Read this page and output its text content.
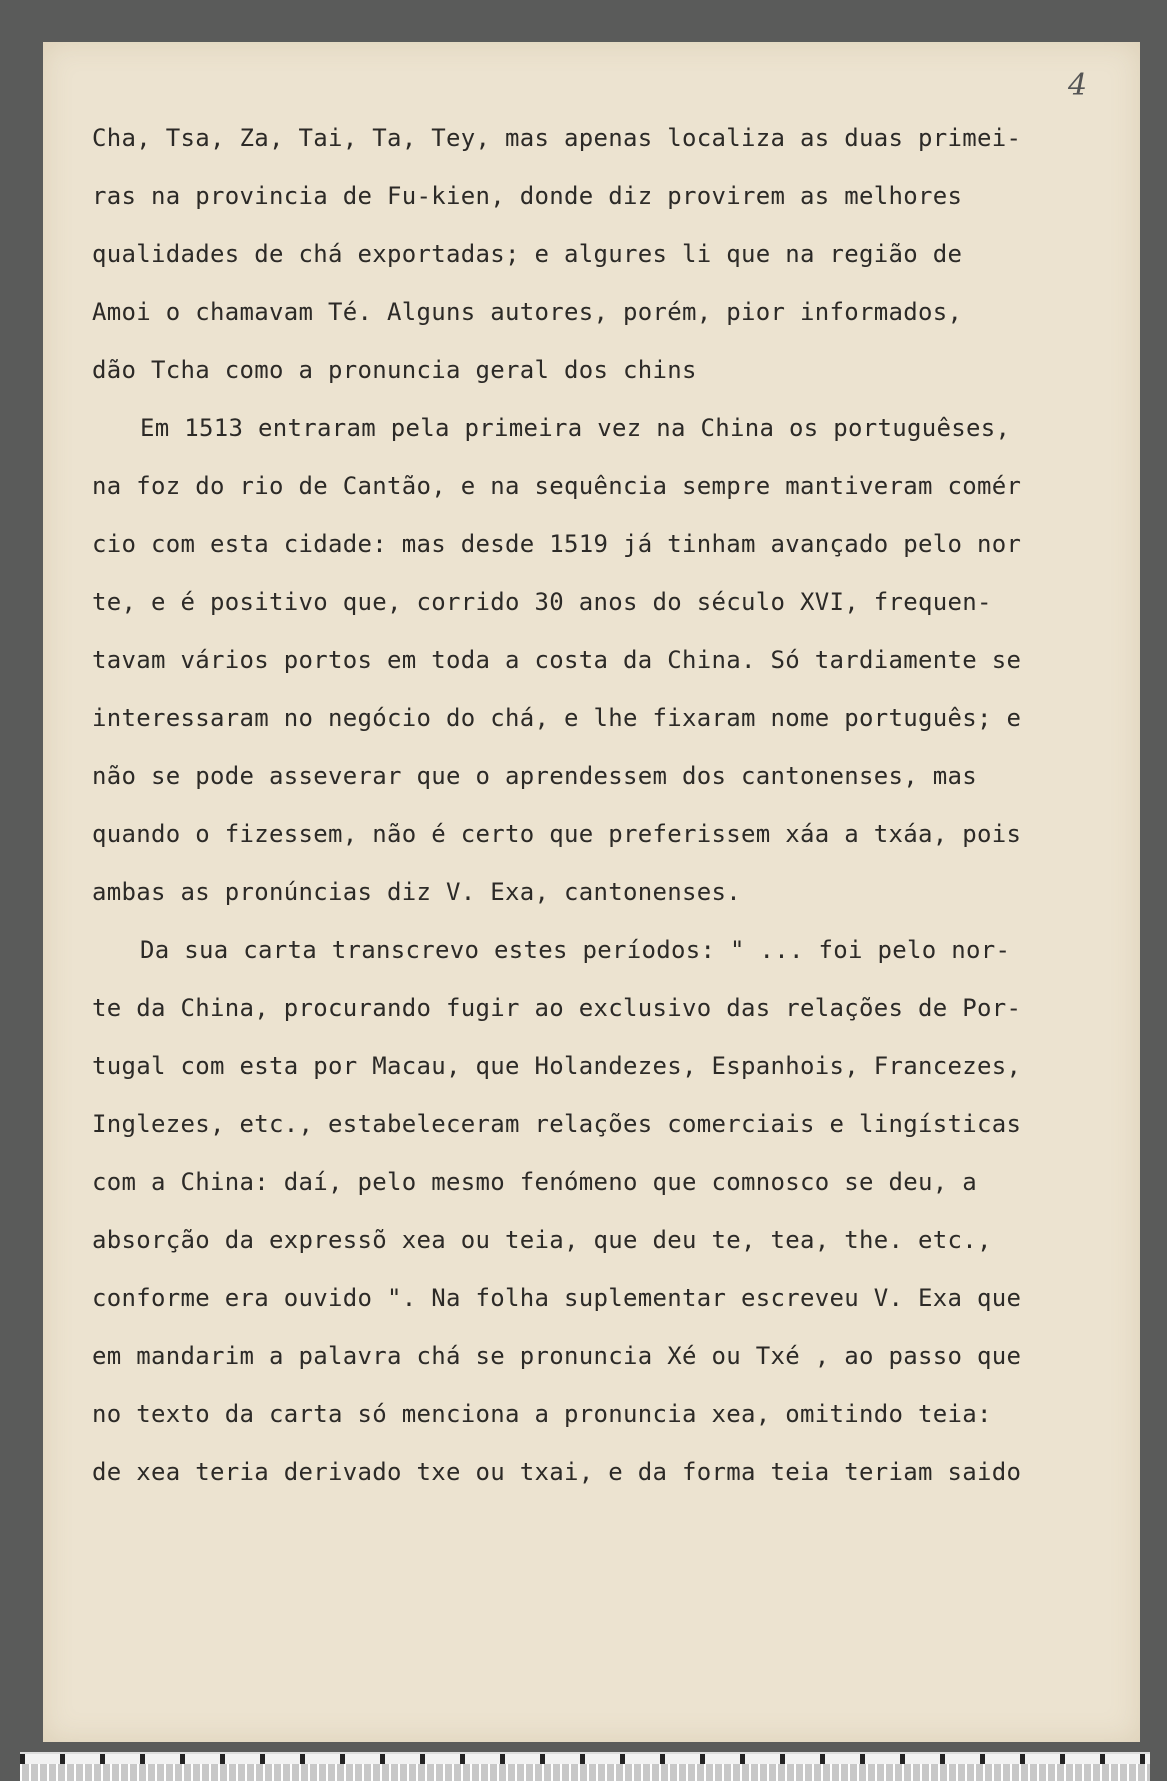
4
Cha, Tsa, Za, Tai, Ta, Tey, mas apenas localiza as duas primei-
ras na provincia de Fu-kien, donde diz provirem as melhores
qualidades de chá exportadas; e algures li que na região de
Amoi o chamavam Té. Alguns autores, porém, pior informados,
dão Tcha como a pronuncia geral dos chins
Em 1513 entraram pela primeira vez na China os portuguêses,
na foz do rio de Cantão, e na sequência sempre mantiveram comér
cio com esta cidade: mas desde 1519 já tinham avançado pelo nor
te, e é positivo que, corrido 30 anos do século XVI, frequen-
tavam vários portos em toda a costa da China. Só tardiamente se
interessaram no negócio do chá, e lhe fixaram nome português; e
não se pode asseverar que o aprendessem dos cantonenses, mas
quando o fizessem, não é certo que preferissem xáa a txáa, pois
ambas as pronúncias diz V. Exa, cantonenses.
Da sua carta transcrevo estes períodos: " ... foi pelo nor-
te da China, procurando fugir ao exclusivo das relações de Por-
tugal com esta por Macau, que Holandezes, Espanhois, Francezes,
Inglezes, etc., estabeleceram relações comerciais e lingísticas
com a China: daí, pelo mesmo fenómeno que comnosco se deu, a
absorção da expressõ xea ou teia, que deu te, tea, the. etc.,
conforme era ouvido ". Na folha suplementar escreveu V. Exa que
em mandarim a palavra chá se pronuncia Xé ou Txé , ao passo que
no texto da carta só menciona a pronuncia xea, omitindo teia:
de xea teria derivado txe ou txai, e da forma teia teriam saido
